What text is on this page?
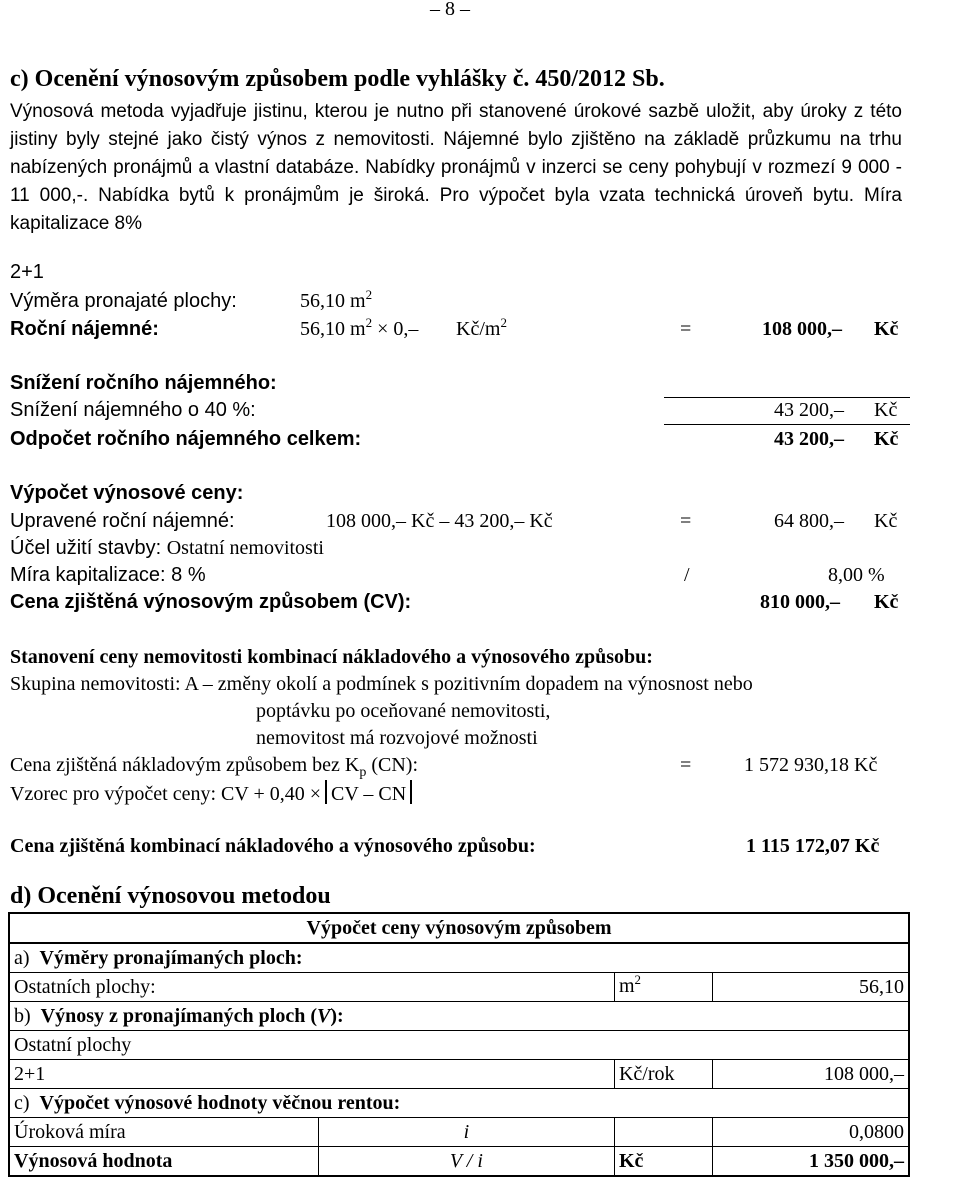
– 8 –
c) Ocenění výnosovým způsobem podle vyhlášky č. 450/2012 Sb.
Výnosová metoda vyjadřuje jistinu, kterou je nutno při stanovené úrokové sazbě uložit, aby úroky z této jistiny byly stejné jako čistý výnos z nemovitosti. Nájemné bylo zjištěno na základě průzkumu na trhu nabízených pronájmů a vlastní databáze. Nabídky pronájmů v inzerci se ceny pohybují v rozmezí 9 000 - 11 000,-. Nabídka bytů k pronájmům je široká. Pro výpočet byla vzata technická úroveň bytu. Míra kapitalizace 8%
2+1
Výměra pronajaté plochy:	56,10 $m^2$
Roční nájemné:	56,10 $m^2 \times 0,-$ $Kč/m^2$	=	108 000,– Kč
Snížení ročního nájemného:
Snížení nájemného o 40 %:	43 200,– Kč
Odpočet ročního nájemného celkem:	43 200,– Kč
Výpočet výnosové ceny:
Upravené roční nájemné:	108 000,– Kč – 43 200,– Kč	=	64 800,– Kč
Účel užití stavby: Ostatní nemovitosti
Míra kapitalizace: 8 %	/	8,00 %
Cena zjištěná výnosovým způsobem (CV):	810 000,– Kč
Stanovení ceny nemovitosti kombinací nákladového a výnosového způsobu:
Skupina nemovitosti: A – změny okolí a podmínek s pozitivním dopadem na výnosnost nebo
poptávku po oceňované nemovitosti,
nemovitost má rozvojové možnosti
Cena zjištěná nákladovým způsobem bez $K_p$ (CN):	=	1 572 930,18 Kč
Vzorec pro výpočet ceny: CV + 0,40 × CV – CN
Cena zjištěná kombinací nákladového a výnosového způsobu:	1 115 172,07 Kč
d) Ocenění výnosovou metodou
Výpočet ceny výnosovým způsobem			
a) Výměry pronajímaných ploch:			
Ostatních plochy:		$m^2$	56,10
b) Výnosy z pronajímaných ploch (V):			
Ostatní plochy			
2+1		Kč/rok	108 000,–
c) Výpočet výnosové hodnoty věčnou rentou:			
Úroková míra	i		0,0800
Výnosová hodnota	V / i	Kč	1 350 000,–
